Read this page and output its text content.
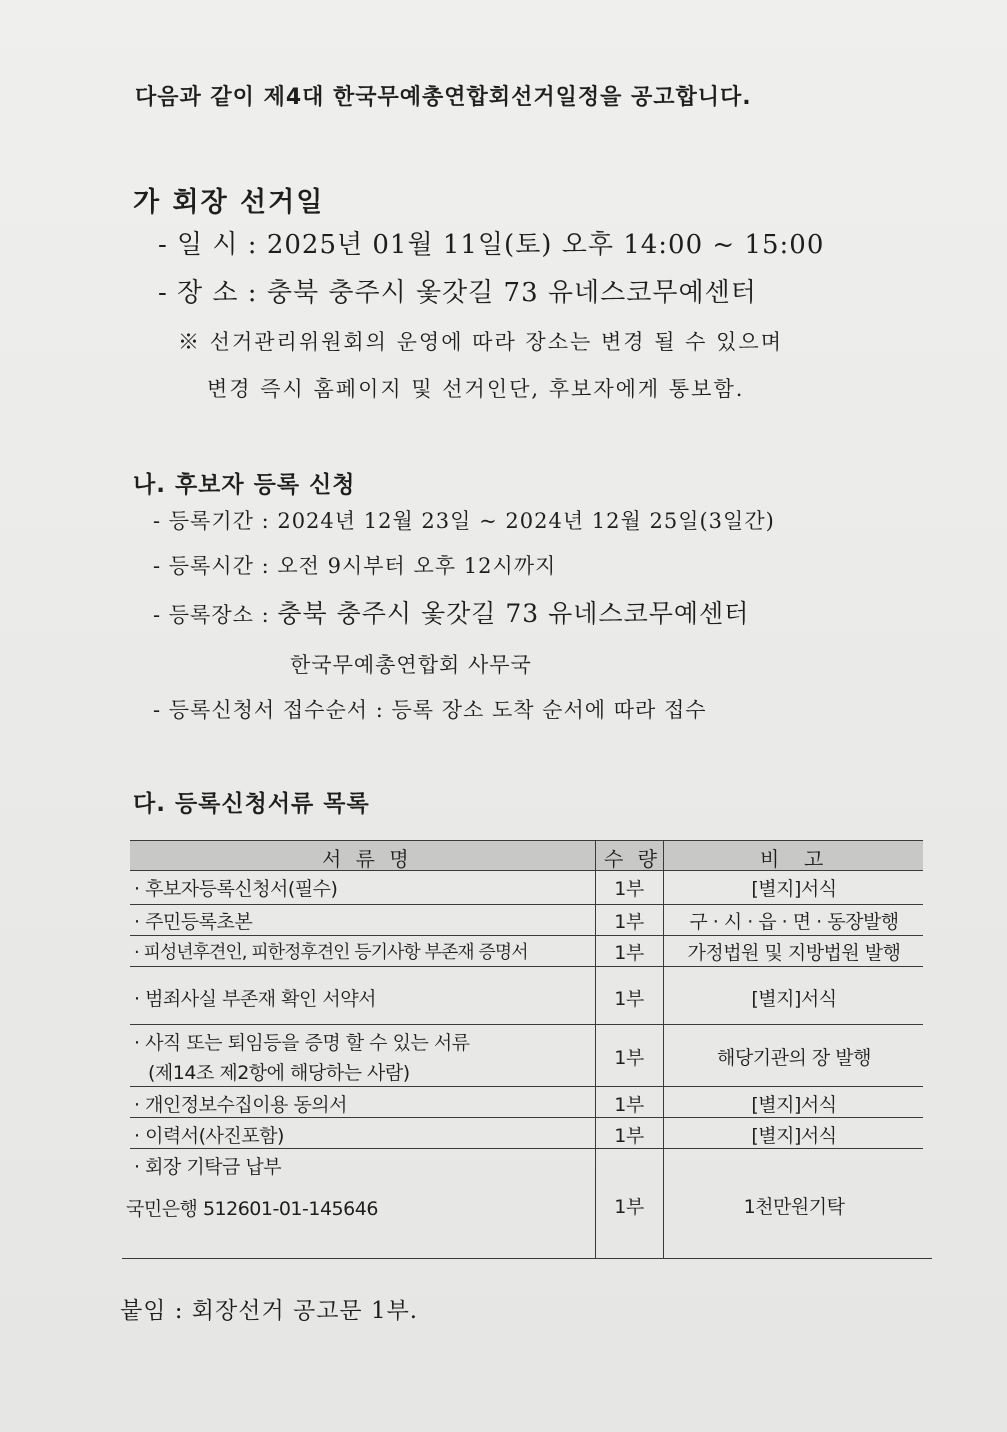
다음과 같이 제4대 한국무예총연합회선거일정을 공고합니다.
가 회장 선거일
- 일 시 : 2025년 01월 11일(토) 오후 14:00 ~ 15:00
- 장 소 : 충북 충주시 옻갓길 73 유네스코무예센터
※ 선거관리위원회의 운영에 따라 장소는 변경 될 수 있으며
변경 즉시 홈페이지 및 선거인단, 후보자에게 통보함.
나. 후보자 등록 신청
- 등록기간 : 2024년 12월 23일 ~ 2024년 12월 25일(3일간)
- 등록시간 : 오전 9시부터 오후 12시까지
- 등록장소 : 충북 충주시 옻갓길 73 유네스코무예센터
한국무예총연합회 사무국
- 등록신청서 접수순서 : 등록 장소 도착 순서에 따라 접수
다. 등록신청서류 목록
서 류 명	수 량	비  고
· 후보자등록신청서(필수)	1부	[별지]서식
· 주민등록초본	1부	구 · 시 · 읍 · 면 · 동장발행
· 피성년후견인, 피한정후견인 등기사항 부존재 증명서	1부	가정법원 및 지방법원 발행
· 범죄사실 부존재 확인 서약서	1부	[별지]서식
· 사직 또는 퇴임등을 증명 할 수 있는 서류
(제14조 제2항에 해당하는 사람)
1부	해당기관의 장 발행
· 개인정보수집이용 동의서	1부	[별지]서식
· 이력서(사진포함)	1부	[별지]서식
· 회장 기탁금 납부
국민은행 512601-01-145646	1부	1천만원기탁
붙임 : 회장선거 공고문 1부.
